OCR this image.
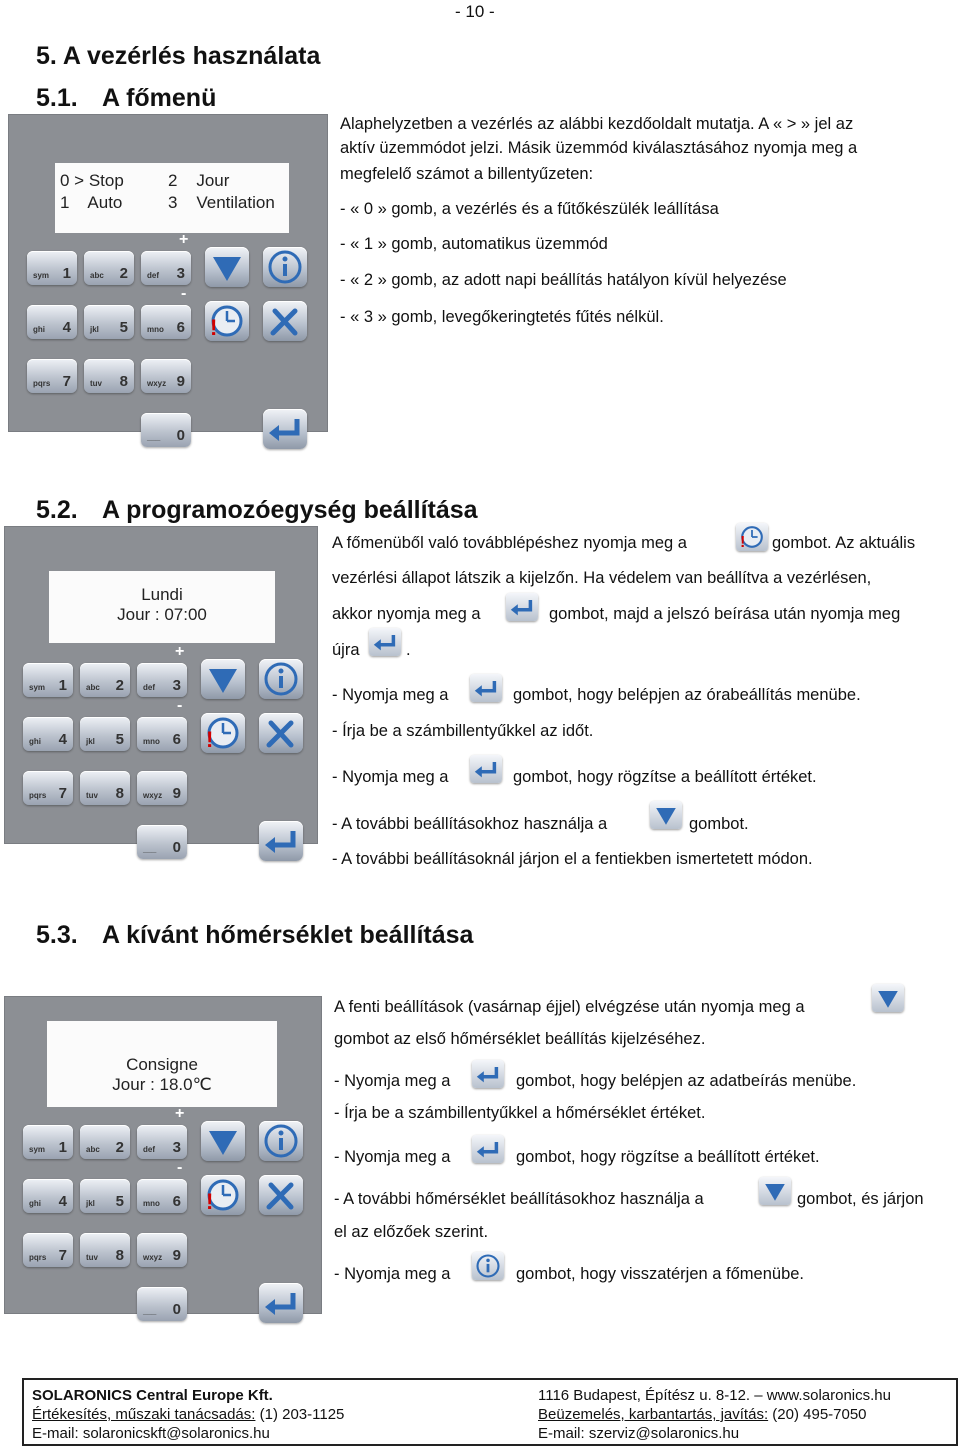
- 10 -
5. A vezérlés használata
5.1. A főmenü
0 > Stop	2    Jour
1    Auto	3    Ventilation
sym 1 abc 2 def 3
ghi 4 jkl 5 mno 6
pqrs 7 tuv 8 wxyz 9
___ 0
+
-
!
Alaphelyzetben a vezérlés az alábbi kezdőoldalt mutatja. A « > » jel az
aktív üzemmódot jelzi. Másik üzemmód kiválasztásához nyomja meg a
megfelelő számot a billentyűzeten:
- « 0 » gomb, a vezérlés és a fűtőkészülék leállítása
- « 1 » gomb, automatikus üzemmód
- « 2 » gomb, az adott napi beállítás hatályon kívül helyezése
- « 3 » gomb, levegőkeringtetés fűtés nélkül.
5.2. A programozóegység beállítása
Lundi
Jour : 07:00
sym 1 abc 2 def 3
ghi 4 jkl 5 mno 6
pqrs 7 tuv 8 wxyz 9
___ 0
+
-
!
A főmenüből való továbblépéshez nyomja meg a ! gombot. Az aktuális
vezérlési állapot látszik a kijelzőn. Ha védelem van beállítva a vezérlésen,
akkor nyomja meg a	gombot, majd a jelszó beírása után nyomja meg
újra	.
- Nyomja meg a	gombot, hogy belépjen az órabeállítás menübe.
- Írja be a számbillentyűkkel az időt.
- Nyomja meg a	gombot, hogy rögzítse a beállított értéket.
- A további beállításokhoz használja a	gombot.
- A további beállításoknál járjon el a fentiekben ismertetett módon.
5.3. A kívánt hőmérséklet beállítása
Consigne
Jour : 18.0℃
sym 1 abc 2 def 3
ghi 4 jkl 5 mno 6
pqrs 7 tuv 8 wxyz 9
___ 0
+
-
!
A fenti beállítások (vasárnap éjjel) elvégzése után nyomja meg a
gombot az első hőmérséklet beállítás kijelzéséhez.
- Nyomja meg a	gombot, hogy belépjen az adatbeírás menübe.
- Írja be a számbillentyűkkel a hőmérséklet értéket.
- Nyomja meg a	gombot, hogy rögzítse a beállított értéket.
- A további hőmérséklet beállításokhoz használja a	gombot, és járjon
el az előzőek szerint.
- Nyomja meg a	gombot, hogy visszatérjen a főmenübe.
SOLARONICS Central Europe Kft.
Értékesítés, műszaki tanácsadás: (1) 203-1125
E-mail: solaronicskft@solaronics.hu
1116 Budapest, Építész u. 8-12. – www.solaronics.hu
Beüzemelés, karbantartás, javítás: (20) 495-7050
E-mail: szerviz@solaronics.hu
